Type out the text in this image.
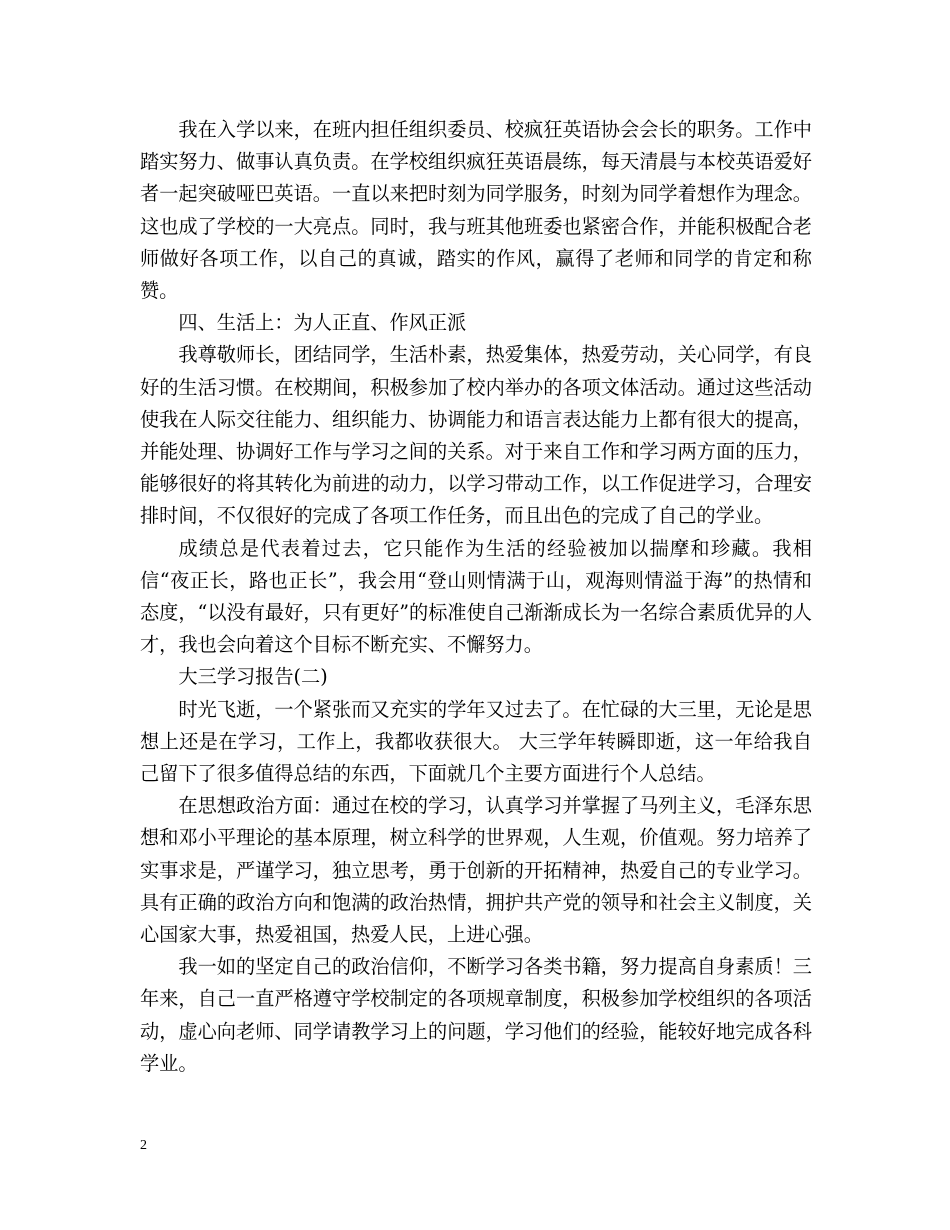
我在入学以来，在班内担任组织委员、校疯狂英语协会会长的职务。工作中踏实努力、做事认真负责。在学校组织疯狂英语晨练，每天清晨与本校英语爱好者一起突破哑巴英语。一直以来把时刻为同学服务，时刻为同学着想作为理念。这也成了学校的一大亮点。同时，我与班其他班委也紧密合作，并能积极配合老师做好各项工作，以自己的真诚，踏实的作风，赢得了老师和同学的肯定和称赞。

四、生活上：为人正直、作风正派

我尊敬师长，团结同学，生活朴素，热爱集体，热爱劳动，关心同学，有良好的生活习惯。在校期间，积极参加了校内举办的各项文体活动。通过这些活动使我在人际交往能力、组织能力、协调能力和语言表达能力上都有很大的提高，并能处理、协调好工作与学习之间的关系。对于来自工作和学习两方面的压力，能够很好的将其转化为前进的动力，以学习带动工作，以工作促进学习，合理安排时间，不仅很好的完成了各项工作任务，而且出色的完成了自己的学业。

成绩总是代表着过去，它只能作为生活的经验被加以揣摩和珍藏。我相信“夜正长，路也正长”，我会用“登山则情满于山，观海则情溢于海”的热情和态度，“以没有最好，只有更好”的标准使自己渐渐成长为一名综合素质优异的人才，我也会向着这个目标不断充实、不懈努力。

大三学习报告(二)

时光飞逝，一个紧张而又充实的学年又过去了。在忙碌的大三里，无论是思想上还是在学习，工作上，我都收获很大。 大三学年转瞬即逝，这一年给我自己留下了很多值得总结的东西，下面就几个主要方面进行个人总结。

在思想政治方面：通过在校的学习，认真学习并掌握了马列主义，毛泽东思想和邓小平理论的基本原理，树立科学的世界观，人生观，价值观。努力培养了实事求是，严谨学习，独立思考，勇于创新的开拓精神，热爱自己的专业学习。具有正确的政治方向和饱满的政治热情，拥护共产党的领导和社会主义制度，关心国家大事，热爱祖国，热爱人民，上进心强。

我一如的坚定自己的政治信仰，不断学习各类书籍，努力提高自身素质！三年来，自己一直严格遵守学校制定的各项规章制度，积极参加学校组织的各项活动，虚心向老师、同学请教学习上的问题，学习他们的经验，能较好地完成各科学业。

2
